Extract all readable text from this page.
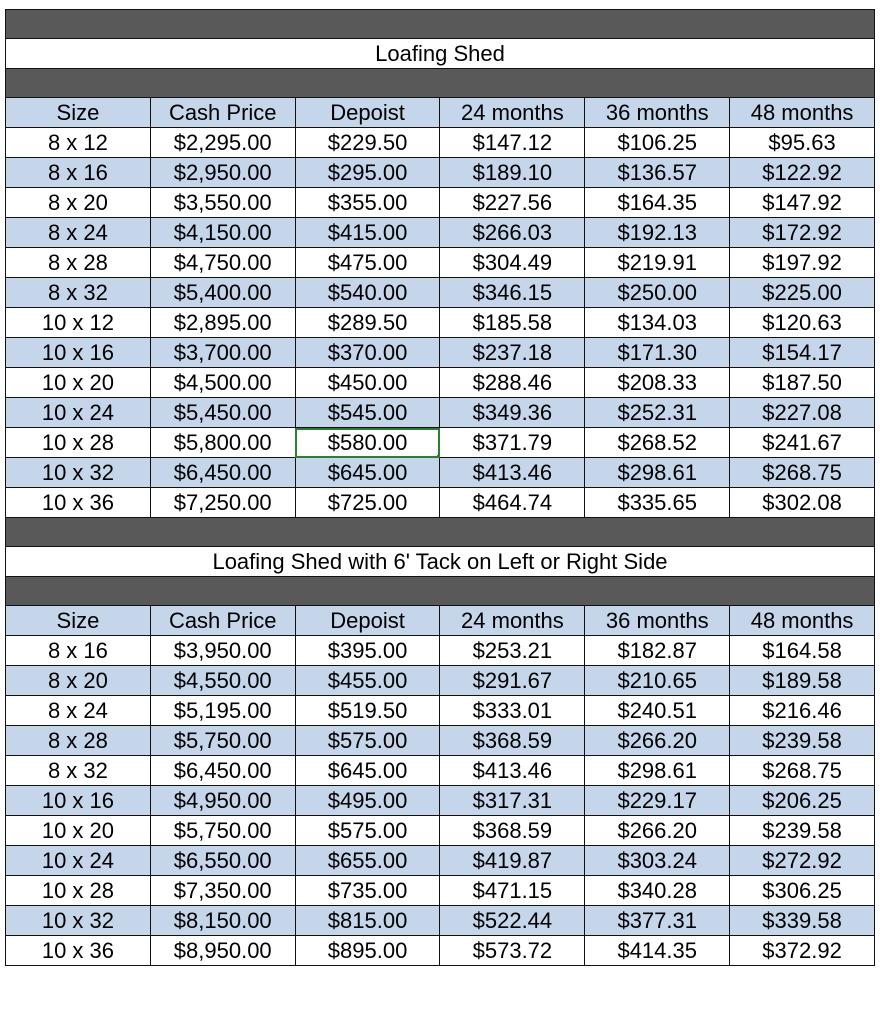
Loafing Shed					

Size	Cash Price	Depoist	24 months	36 months	48 months
8 x 12	$2,295.00	$229.50	$147.12	$106.25	$95.63
8 x 16	$2,950.00	$295.00	$189.10	$136.57	$122.92
8 x 20	$3,550.00	$355.00	$227.56	$164.35	$147.92
8 x 24	$4,150.00	$415.00	$266.03	$192.13	$172.92
8 x 28	$4,750.00	$475.00	$304.49	$219.91	$197.92
8 x 32	$5,400.00	$540.00	$346.15	$250.00	$225.00
10 x 12	$2,895.00	$289.50	$185.58	$134.03	$120.63
10 x 16	$3,700.00	$370.00	$237.18	$171.30	$154.17
10 x 20	$4,500.00	$450.00	$288.46	$208.33	$187.50
10 x 24	$5,450.00	$545.00	$349.36	$252.31	$227.08
10 x 28	$5,800.00	$580.00	$371.79	$268.52	$241.67
10 x 32	$6,450.00	$645.00	$413.46	$298.61	$268.75
10 x 36	$7,250.00	$725.00	$464.74	$335.65	$302.08

Loafing Shed with 6' Tack on Left or Right Side					

Size	Cash Price	Depoist	24 months	36 months	48 months
8 x 16	$3,950.00	$395.00	$253.21	$182.87	$164.58
8 x 20	$4,550.00	$455.00	$291.67	$210.65	$189.58
8 x 24	$5,195.00	$519.50	$333.01	$240.51	$216.46
8 x 28	$5,750.00	$575.00	$368.59	$266.20	$239.58
8 x 32	$6,450.00	$645.00	$413.46	$298.61	$268.75
10 x 16	$4,950.00	$495.00	$317.31	$229.17	$206.25
10 x 20	$5,750.00	$575.00	$368.59	$266.20	$239.58
10 x 24	$6,550.00	$655.00	$419.87	$303.24	$272.92
10 x 28	$7,350.00	$735.00	$471.15	$340.28	$306.25
10 x 32	$8,150.00	$815.00	$522.44	$377.31	$339.58
10 x 36	$8,950.00	$895.00	$573.72	$414.35	$372.92
